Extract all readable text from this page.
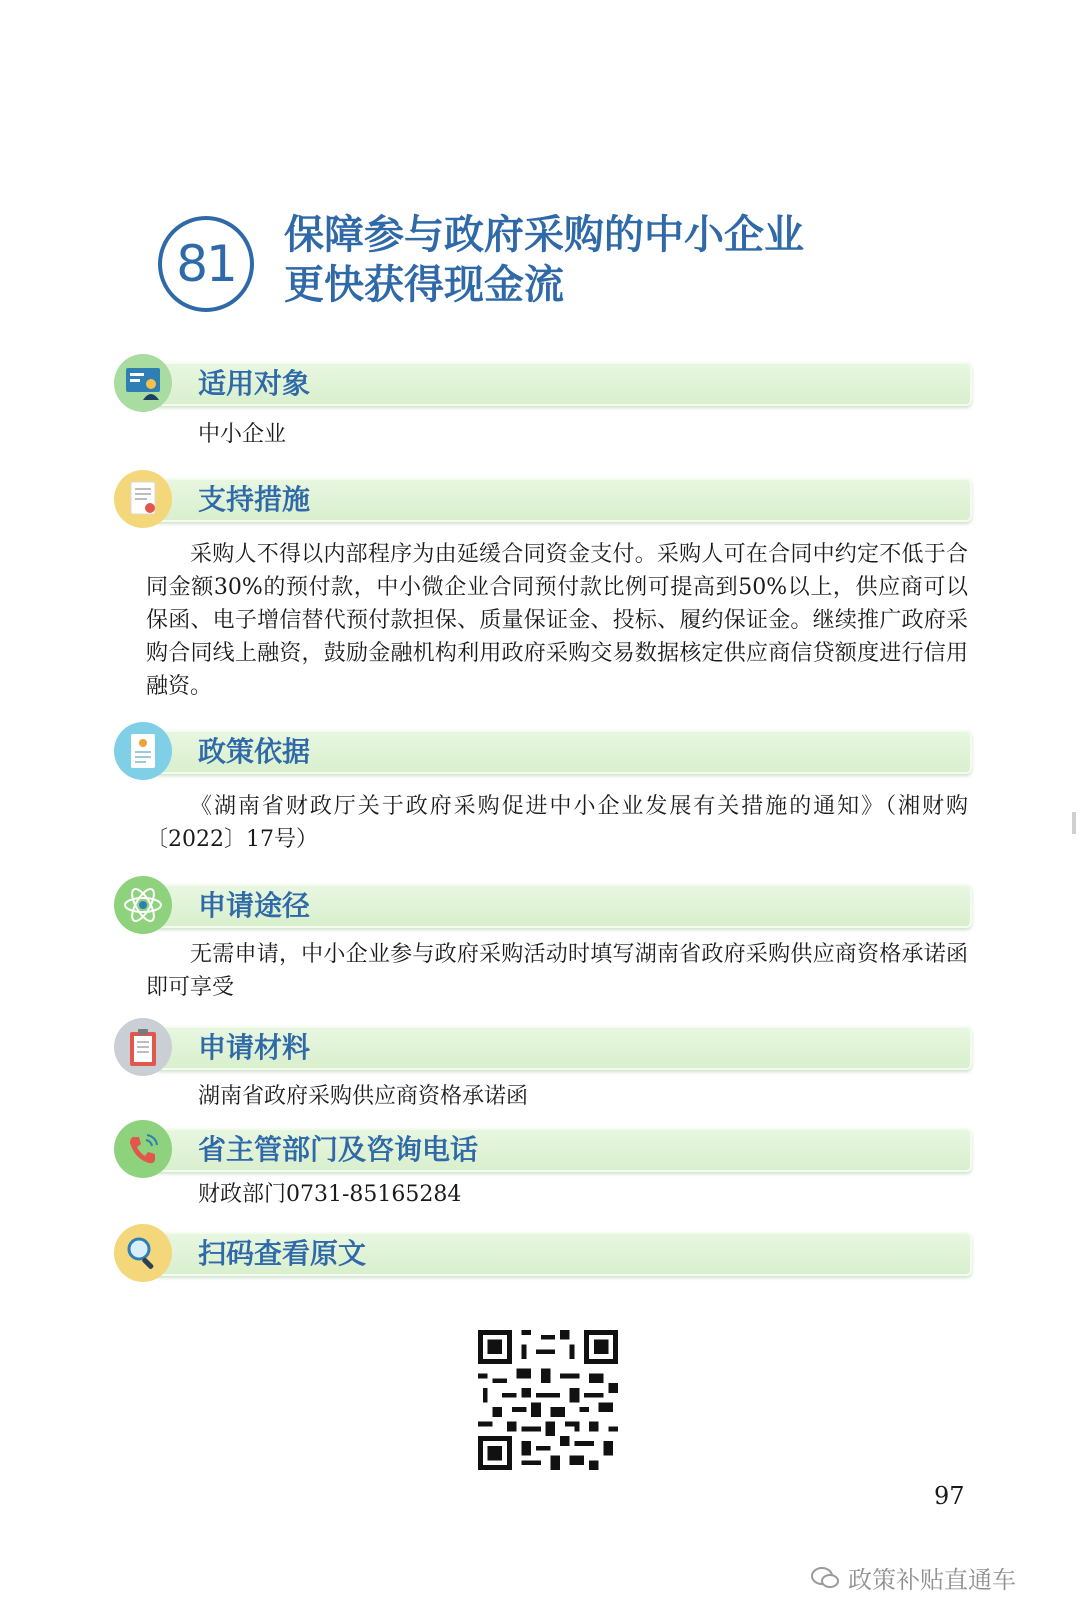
81	保障参与政府采购的中小企业
更快获得现金流
适用对象
中小企业
支持措施
采购人不得以内部程序为由延缓合同资金支付。采购人可在合同中约定不低于合同金额30%的预付款，中小微企业合同预付款比例可提高到50%以上，供应商可以保函、电子增信替代预付款担保、质量保证金、投标、履约保证金。继续推广政府采购合同线上融资，鼓励金融机构利用政府采购交易数据核定供应商信贷额度进行信用融资。
政策依据
《湖南省财政厅关于政府采购促进中小企业发展有关措施的通知》（湘财购〔2022〕17号）
申请途径
无需申请，中小企业参与政府采购活动时填写湖南省政府采购供应商资格承诺函即可享受
申请材料
湖南省政府采购供应商资格承诺函
省主管部门及咨询电话
财政部门0731-85165284
扫码查看原文
97
政策补贴直通车
